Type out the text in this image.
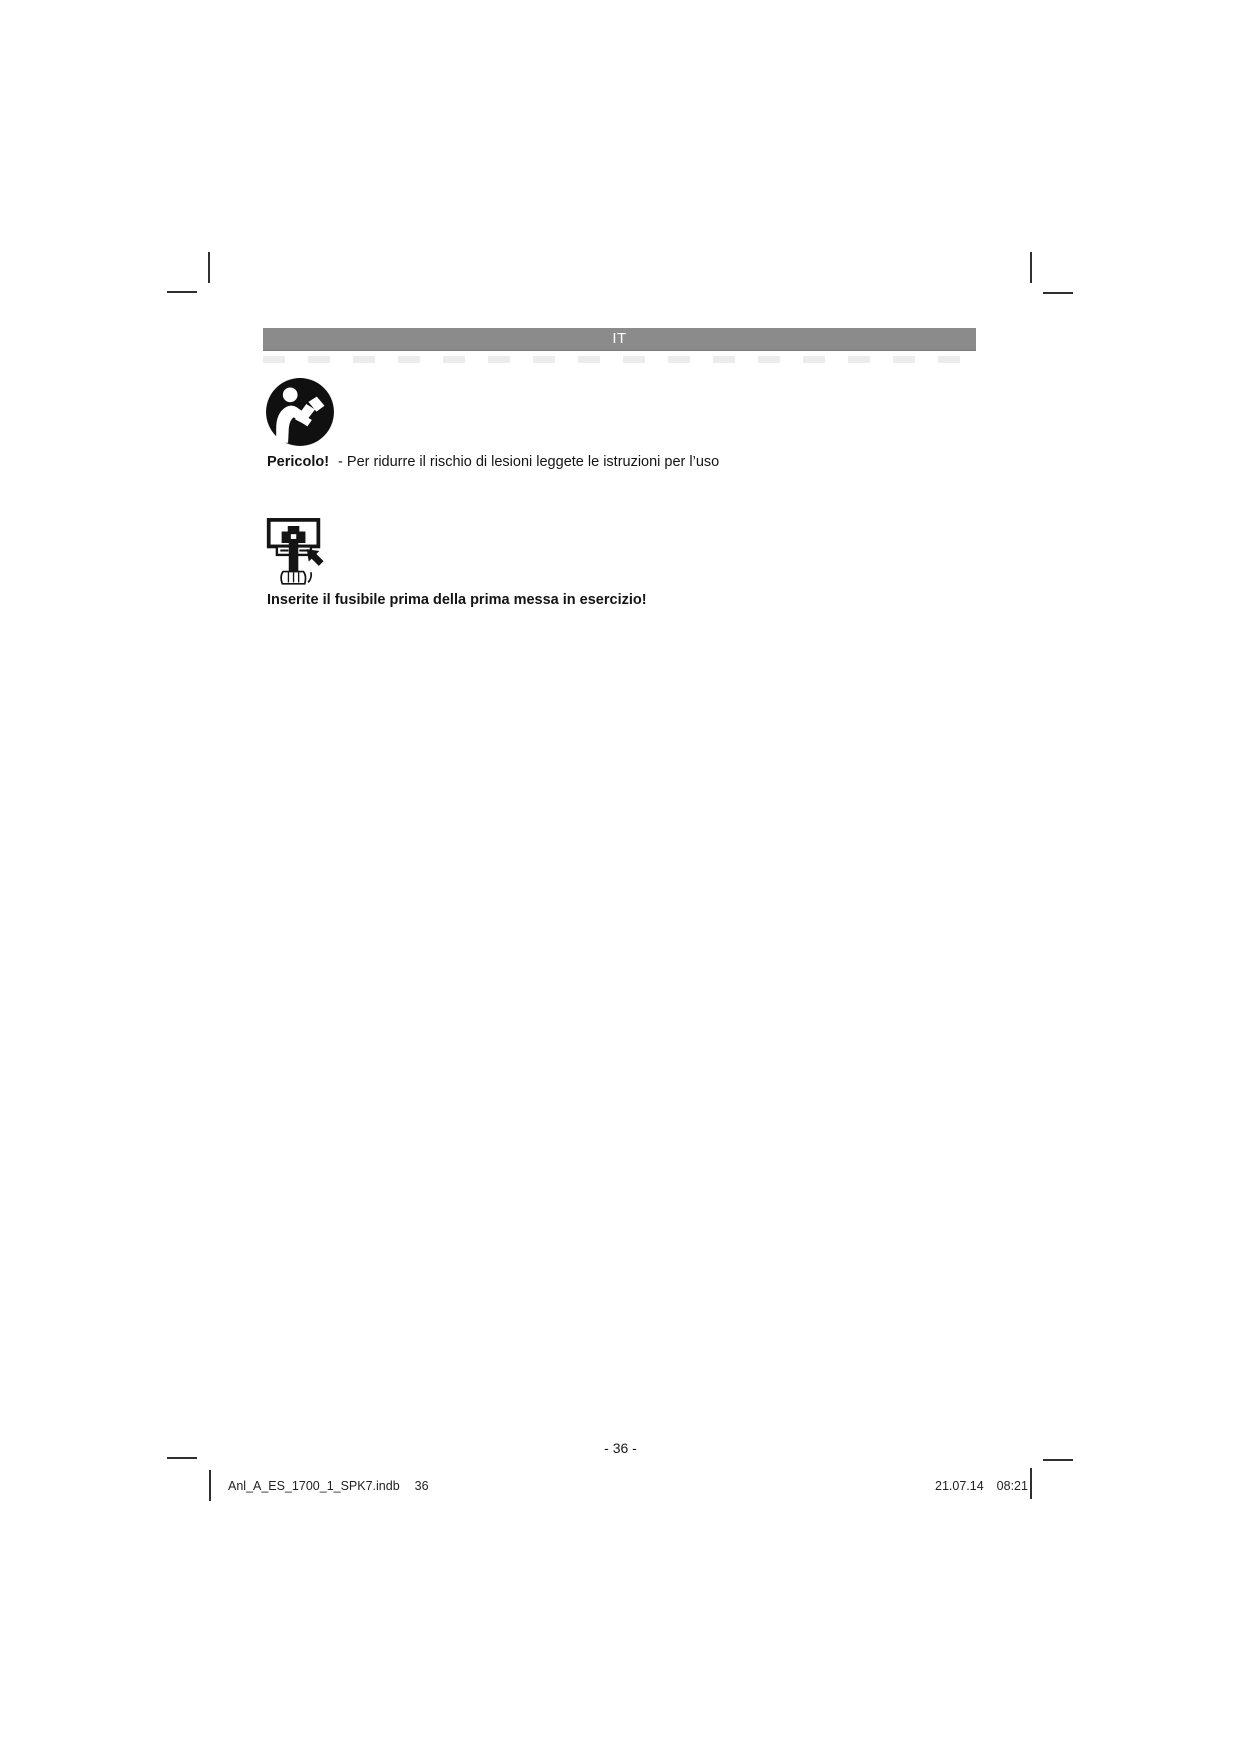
IT
Pericolo! - Per ridurre il rischio di lesioni leggete le istruzioni per l’uso
Inserite il fusibile prima della prima messa in esercizio!
- 36 -
Anl_A_ES_1700_1_SPK7.indb 36	21.07.14 08:21
